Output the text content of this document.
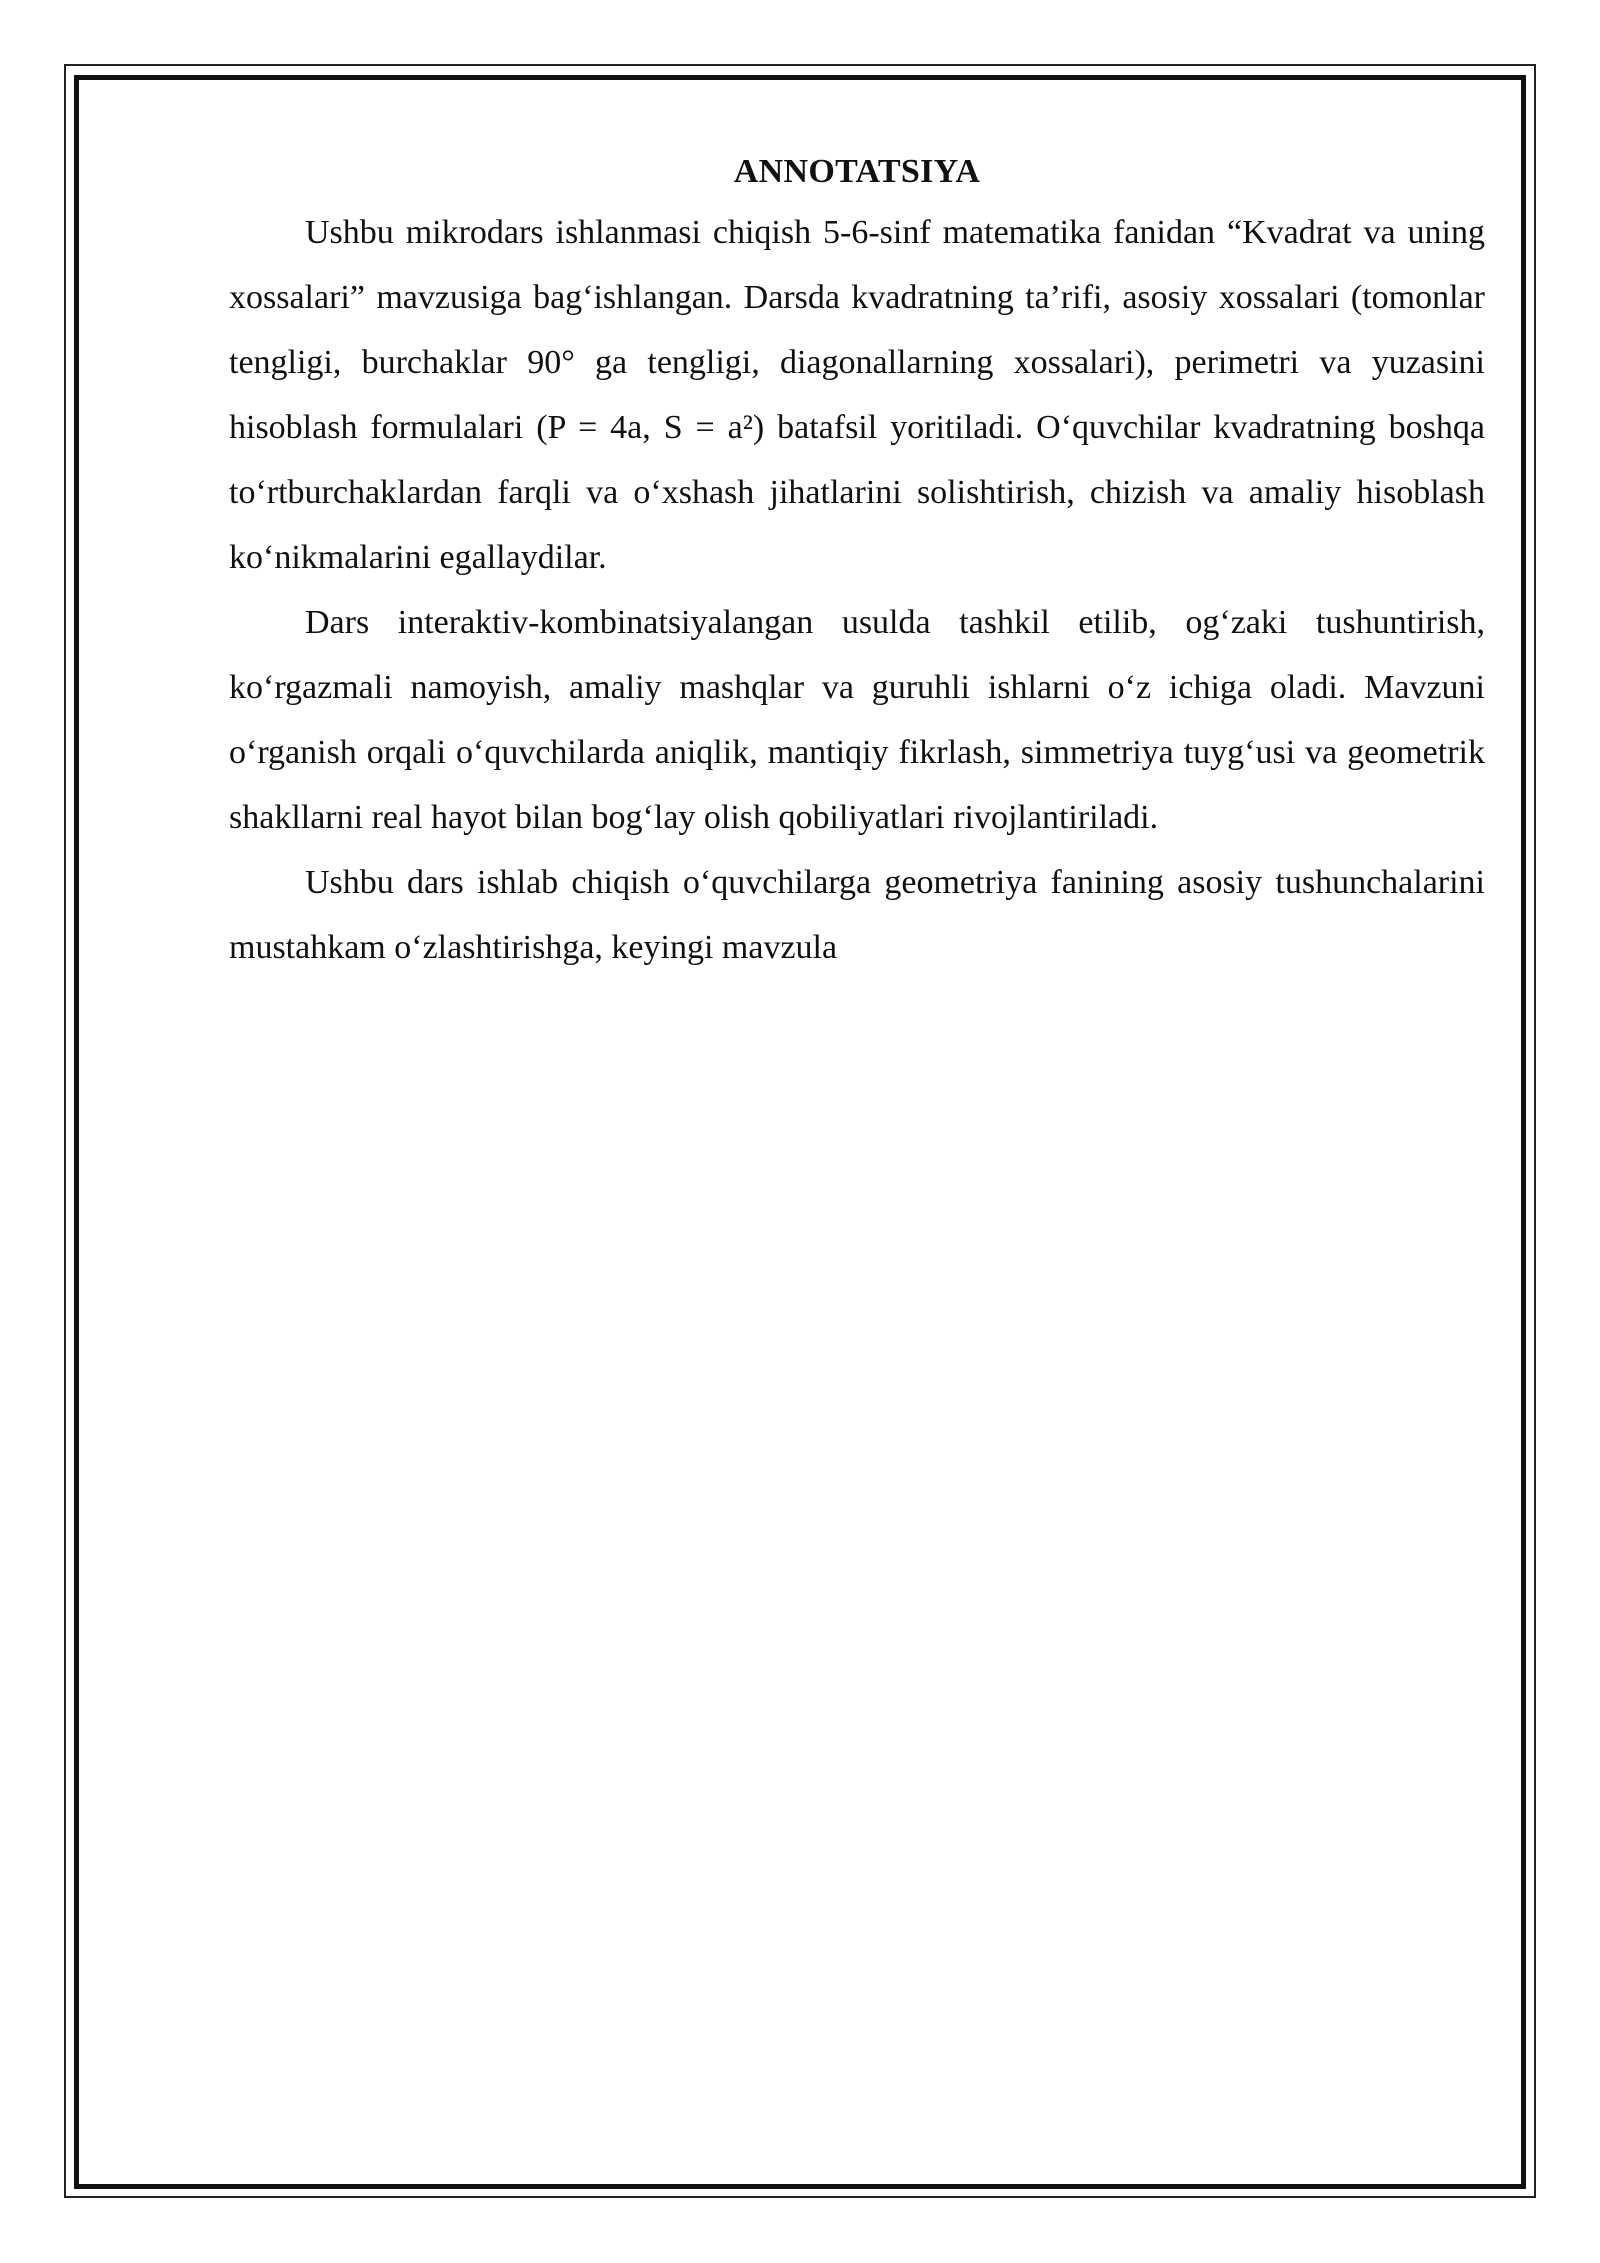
ANNOTATSIYA

Ushbu mikrodars ishlanmasi chiqish 5-6-sinf matematika fanidan “Kvadrat va uning xossalari” mavzusiga bag‘ishlangan. Darsda kvadratning ta’rifi, asosiy xossalari (tomonlar tengligi, burchaklar 90° ga tengligi, diagonallarning xossalari), perimetri va yuzasini hisoblash formulalari (P = 4a, S = a²) batafsil yoritiladi. O‘quvchilar kvadratning boshqa to‘rtburchaklardan farqli va o‘xshash jihatlarini solishtirish, chizish va amaliy hisoblash ko‘nikmalarini egallaydilar.

Dars interaktiv-kombinatsiyalangan usulda tashkil etilib, og‘zaki tushuntirish, ko‘rgazmali namoyish, amaliy mashqlar va guruhli ishlarni o‘z ichiga oladi. Mavzuni o‘rganish orqali o‘quvchilarda aniqlik, mantiqiy fikrlash, simmetriya tuyg‘usi va geometrik shakllarni real hayot bilan bog‘lay olish qobiliyatlari rivojlantiriladi.

Ushbu dars ishlab chiqish o‘quvchilarga geometriya fanining asosiy tushunchalarini mustahkam o‘zlashtirishga, keyingi mavzula
